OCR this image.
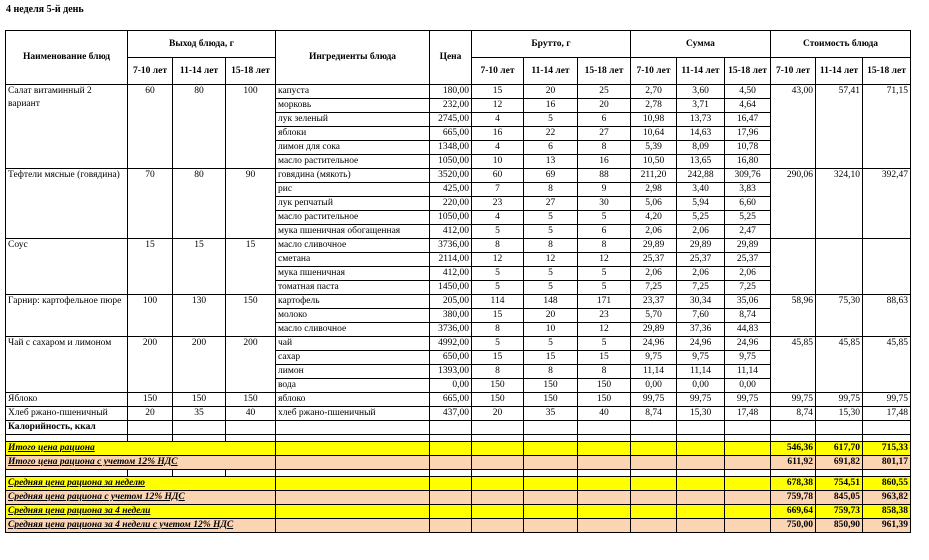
4 неделя 5-й день
Наименование блюд	Выход блюда, г			Ингредиенты блюда	Цена	Брутто, г			Сумма			Стоимость блюда		
	7-10 лет	11-14 лет	15-18 лет			7-10 лет	11-14 лет	15-18 лет	7-10 лет	11-14 лет	15-18 лет	7-10 лет	11-14 лет	15-18 лет
Салат витаминный 2 вариант	60	80	100	капуста	180,00	15	20	25	2,70	3,60	4,50	43,00	57,41	71,15
				морковь	232,00	12	16	20	2,78	3,71	4,64			
				лук зеленый	2745,00	4	5	6	10,98	13,73	16,47			
				яблоки	665,00	16	22	27	10,64	14,63	17,96			
				лимон для сока	1348,00	4	6	8	5,39	8,09	10,78			
				масло растительное	1050,00	10	13	16	10,50	13,65	16,80			
Тефтели мясные (говядина)	70	80	90	говядина (мякоть)	3520,00	60	69	88	211,20	242,88	309,76	290,06	324,10	392,47
				рис	425,00	7	8	9	2,98	3,40	3,83			
				лук репчатый	220,00	23	27	30	5,06	5,94	6,60			
				масло растительное	1050,00	4	5	5	4,20	5,25	5,25			
				мука пшеничная обогащенная	412,00	5	5	6	2,06	2,06	2,47			
Соус	15	15	15	масло сливочное	3736,00	8	8	8	29,89	29,89	29,89			
				сметана	2114,00	12	12	12	25,37	25,37	25,37			
				мука пшеничная	412,00	5	5	5	2,06	2,06	2,06			
				томатная паста	1450,00	5	5	5	7,25	7,25	7,25			
Гарнир: картофельное пюре	100	130	150	картофель	205,00	114	148	171	23,37	30,34	35,06	58,96	75,30	88,63
				молоко	380,00	15	20	23	5,70	7,60	8,74			
				масло сливочное	3736,00	8	10	12	29,89	37,36	44,83			
Чай с сахаром и лимоном	200	200	200	чай	4992,00	5	5	5	24,96	24,96	24,96	45,85	45,85	45,85
				сахар	650,00	15	15	15	9,75	9,75	9,75			
				лимон	1393,00	8	8	8	11,14	11,14	11,14			
				вода	0,00	150	150	150	0,00	0,00	0,00			
Яблоко	150	150	150	яблоко	665,00	150	150	150	99,75	99,75	99,75	99,75	99,75	99,75
Хлеб ржано-пшеничный	20	35	40	хлеб ржано-пшеничный	437,00	20	35	40	8,74	15,30	17,48	8,74	15,30	17,48
Калорийность, ккал														

Итого цена рациона												546,36	617,70	715,33
Итого цена рациона с учетом 12% НДС												611,92	691,82	801,17

Средняя цена рациона за неделю												678,38	754,51	860,55
Средняя цена рациона с учетом 12% НДС												759,78	845,05	963,82
Средняя цена рациона за 4 недели												669,64	759,73	858,38
Средняя цена рациона за 4 недели с учетом 12% НДС												750,00	850,90	961,39
